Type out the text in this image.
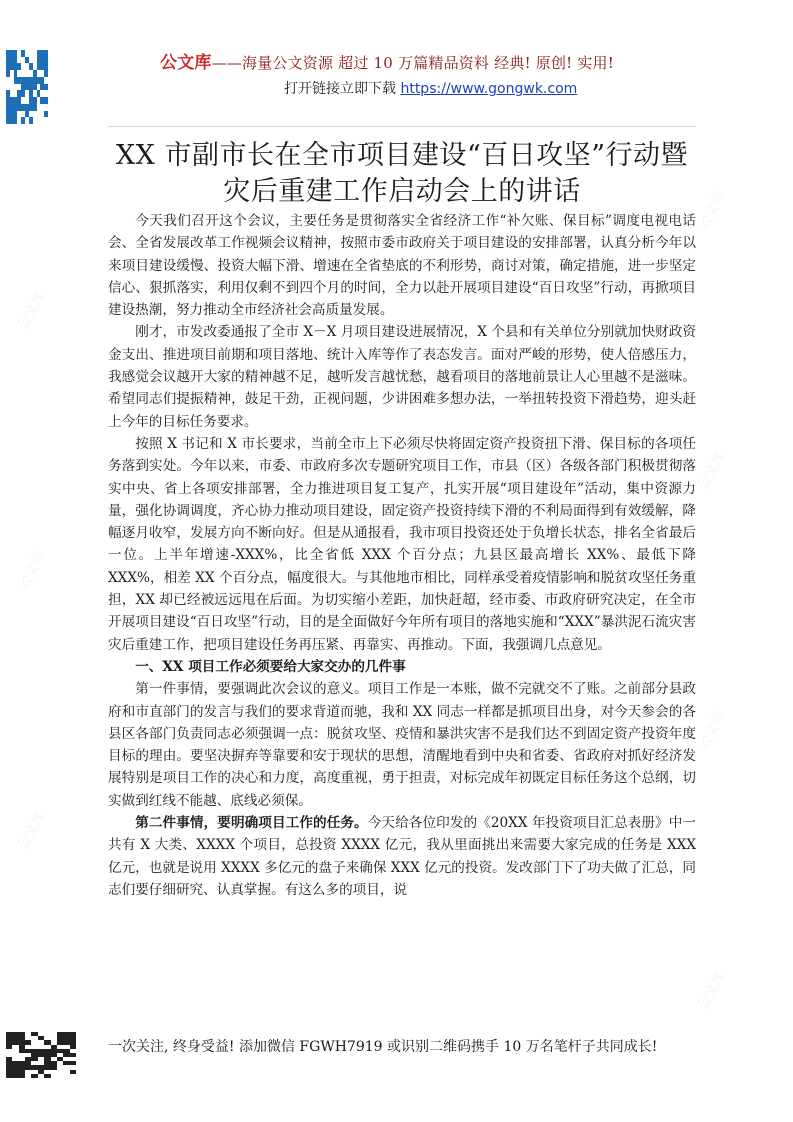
公文库
公文库
公文库
公文库
公文库
公文库
公文库
公文库——海量公文资源 超过 10 万篇精品资料 经典! 原创! 实用!
打开链接立即下载 https://www.gongwk.com
XX 市副市长在全市项目建设“百日攻坚”行动暨灾后重建工作启动会上的讲话

今天我们召开这个会议，主要任务是贯彻落实全省经济工作“补欠账、保目标”调度电视电话会、全省发展改革工作视频会议精神，按照市委市政府关于项目建设的安排部署，认真分析今年以来项目建设缓慢、投资大幅下滑、增速在全省垫底的不利形势，商讨对策，确定措施，进一步坚定信心、狠抓落实，利用仅剩不到四个月的时间，全力以赴开展项目建设“百日攻坚”行动，再掀项目建设热潮，努力推动全市经济社会高质量发展。

刚才，市发改委通报了全市 X－X 月项目建设进展情况，X 个县和有关单位分别就加快财政资金支出、推进项目前期和项目落地、统计入库等作了表态发言。面对严峻的形势，使人倍感压力，我感觉会议越开大家的精神越不足，越听发言越忧愁，越看项目的落地前景让人心里越不是滋味。希望同志们提振精神，鼓足干劲，正视问题，少讲困难多想办法，一举扭转投资下滑趋势，迎头赶上今年的目标任务要求。

按照 X 书记和 X 市长要求，当前全市上下必须尽快将固定资产投资扭下滑、保目标的各项任务落到实处。今年以来，市委、市政府多次专题研究项目工作，市县（区）各级各部门积极贯彻落实中央、省上各项安排部署，全力推进项目复工复产，扎实开展“项目建设年”活动，集中资源力量，强化协调调度，齐心协力推动项目建设，固定资产投资持续下滑的不利局面得到有效缓解，降幅逐月收窄，发展方向不断向好。但是从通报看，我市项目投资还处于负增长状态，排名全省最后一位。上半年增速-XXX%，比全省低 XXX 个百分点；九县区最高增长 XX%、最低下降 XXX%，相差 XX 个百分点，幅度很大。与其他地市相比，同样承受着疫情影响和脱贫攻坚任务重担，XX 却已经被远远甩在后面。为切实缩小差距，加快赶超，经市委、市政府研究决定，在全市开展项目建设“百日攻坚”行动，目的是全面做好今年所有项目的落地实施和“XXX”暴洪泥石流灾害灾后重建工作，把项目建设任务再压紧、再靠实、再推动。下面，我强调几点意见。

一、XX 项目工作必须要给大家交办的几件事

第一件事情，要强调此次会议的意义。项目工作是一本账，做不完就交不了账。之前部分县政府和市直部门的发言与我们的要求背道而驰，我和 XX 同志一样都是抓项目出身，对今天参会的各县区各部门负责同志必须强调一点：脱贫攻坚、疫情和暴洪灾害不是我们达不到固定资产投资年度目标的理由。要坚决摒弃等靠要和安于现状的思想，清醒地看到中央和省委、省政府对抓好经济发展特别是项目工作的决心和力度，高度重视，勇于担责，对标完成年初既定目标任务这个总纲，切实做到红线不能越、底线必须保。

第二件事情，要明确项目工作的任务。今天给各位印发的《20XX 年投资项目汇总表册》中一共有 X 大类、XXXX 个项目，总投资 XXXX 亿元，我从里面挑出来需要大家完成的任务是 XXX 亿元，也就是说用 XXXX 多亿元的盘子来确保 XXX 亿元的投资。发改部门下了功夫做了汇总，同志们要仔细研究、认真掌握。有这么多的项目，说

一次关注, 终身受益! 添加微信 FGWH7919 或识别二维码携手 10 万名笔杆子共同成长!
